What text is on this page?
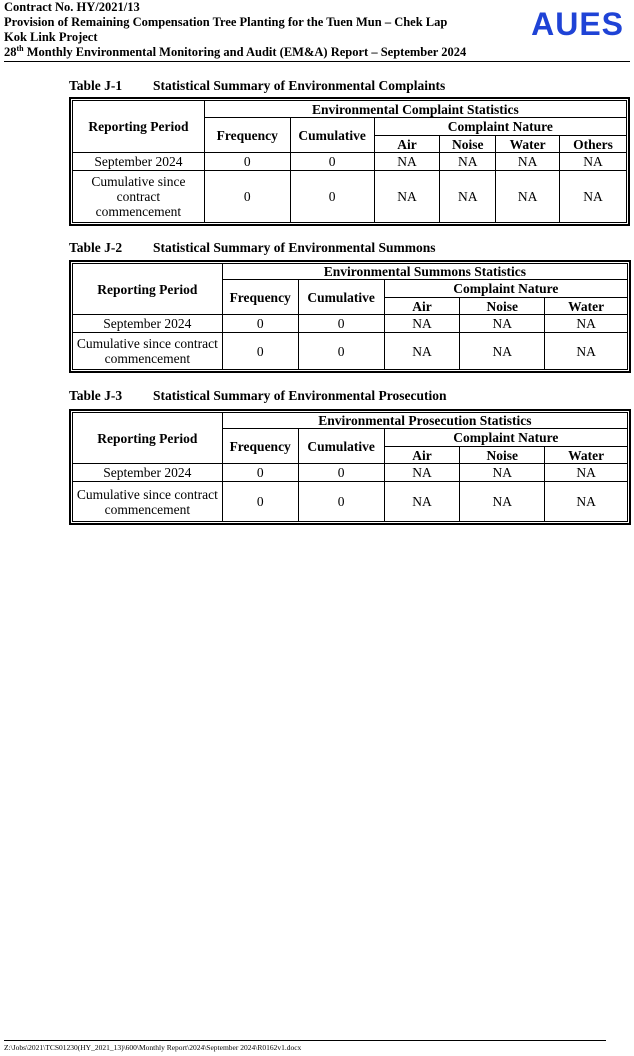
Contract No. HY/2021/13
Provision of Remaining Compensation Tree Planting for the Tuen Mun – Chek Lap
Kok Link Project
28th Monthly Environmental Monitoring and Audit (EM&A) Report – September 2024
AUES
Table J-1 Statistical Summary of Environmental Complaints
Reporting Period	Environmental Complaint Statistics					
	Frequency	Cumulative	Complaint Nature			
			Air	Noise	Water	Others
September 2024	0	0	NA	NA	NA	NA
Cumulative since contract commencement	0	0	NA	NA	NA	NA
Table J-2 Statistical Summary of Environmental Summons
Reporting Period	Environmental Summons Statistics				
	Frequency	Cumulative	Complaint Nature		
			Air	Noise	Water
September 2024	0	0	NA	NA	NA
Cumulative since contract commencement	0	0	NA	NA	NA
Table J-3 Statistical Summary of Environmental Prosecution
Reporting Period	Environmental Prosecution Statistics				
	Frequency	Cumulative	Complaint Nature		
			Air	Noise	Water
September 2024	0	0	NA	NA	NA
Cumulative since contract commencement	0	0	NA	NA	NA
Z:\Jobs\2021\TCS01230(HY_2021_13)\600\Monthly Report\2024\September 2024\R0162v1.docx
